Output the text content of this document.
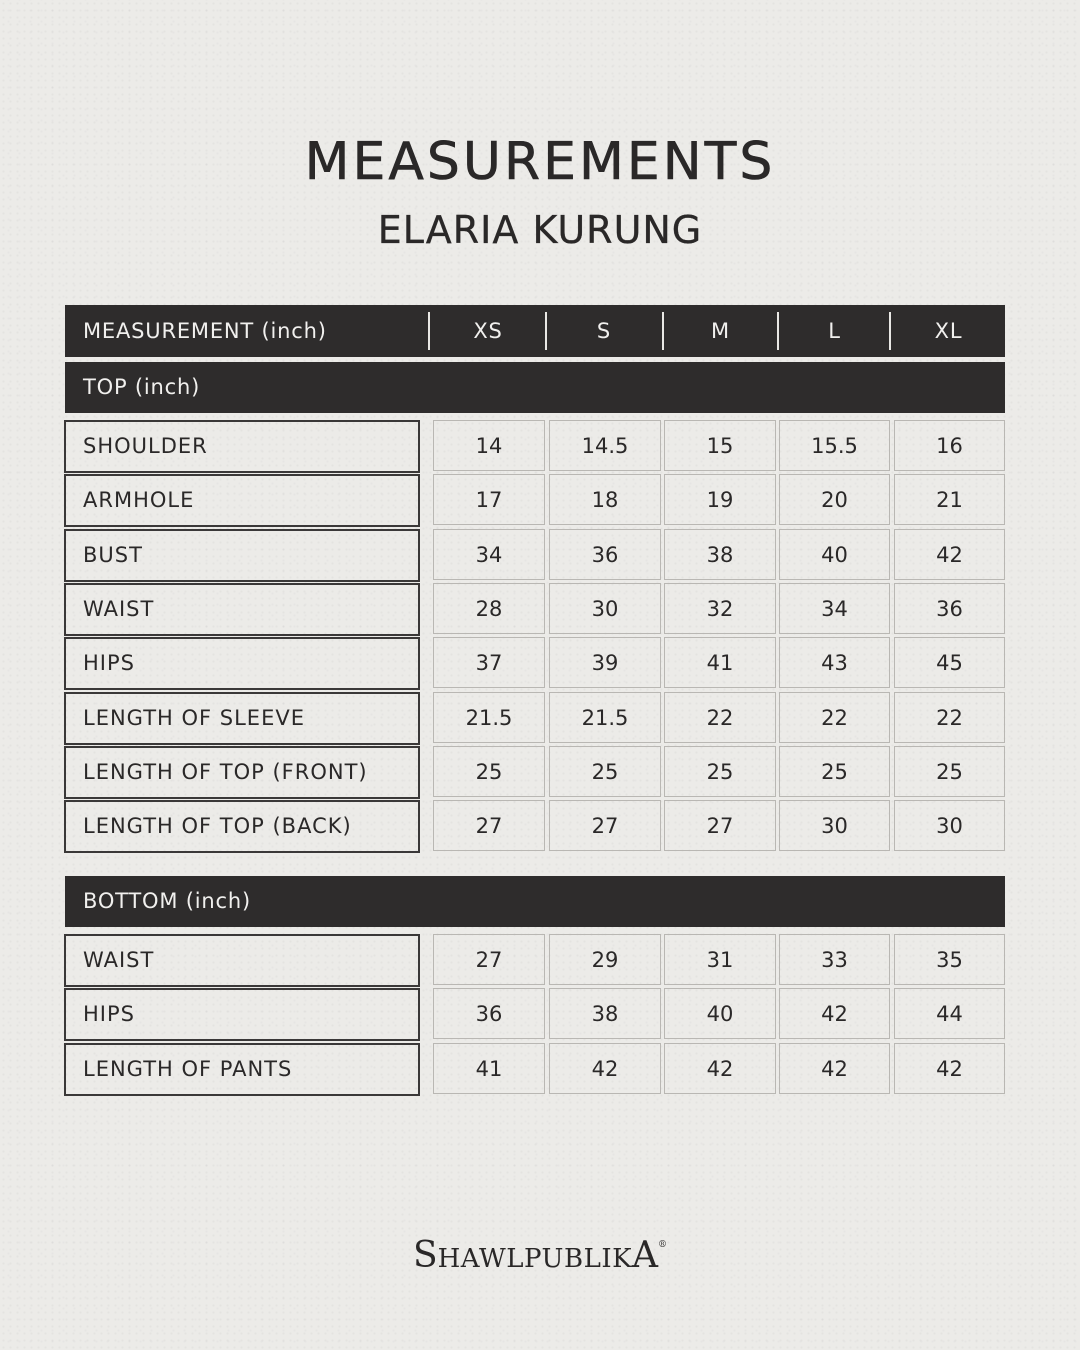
MEASUREMENTS
ELARIA KURUNG
MEASUREMENT (inch)	XS	S	M	L	XL
TOP (inch)
SHOULDER	14	14.5	15	15.5	16
ARMHOLE	17	18	19	20	21
BUST	34	36	38	40	42
WAIST	28	30	32	34	36
HIPS	37	39	41	43	45
LENGTH OF SLEEVE	21.5	21.5	22	22	22
LENGTH OF TOP (FRONT)	25	25	25	25	25
LENGTH OF TOP (BACK)	27	27	27	30	30
BOTTOM (inch)
WAIST	27	29	31	33	35
HIPS	36	38	40	42	44
LENGTH OF PANTS	41	42	42	42	42
SHAWLPUBLIKA®
